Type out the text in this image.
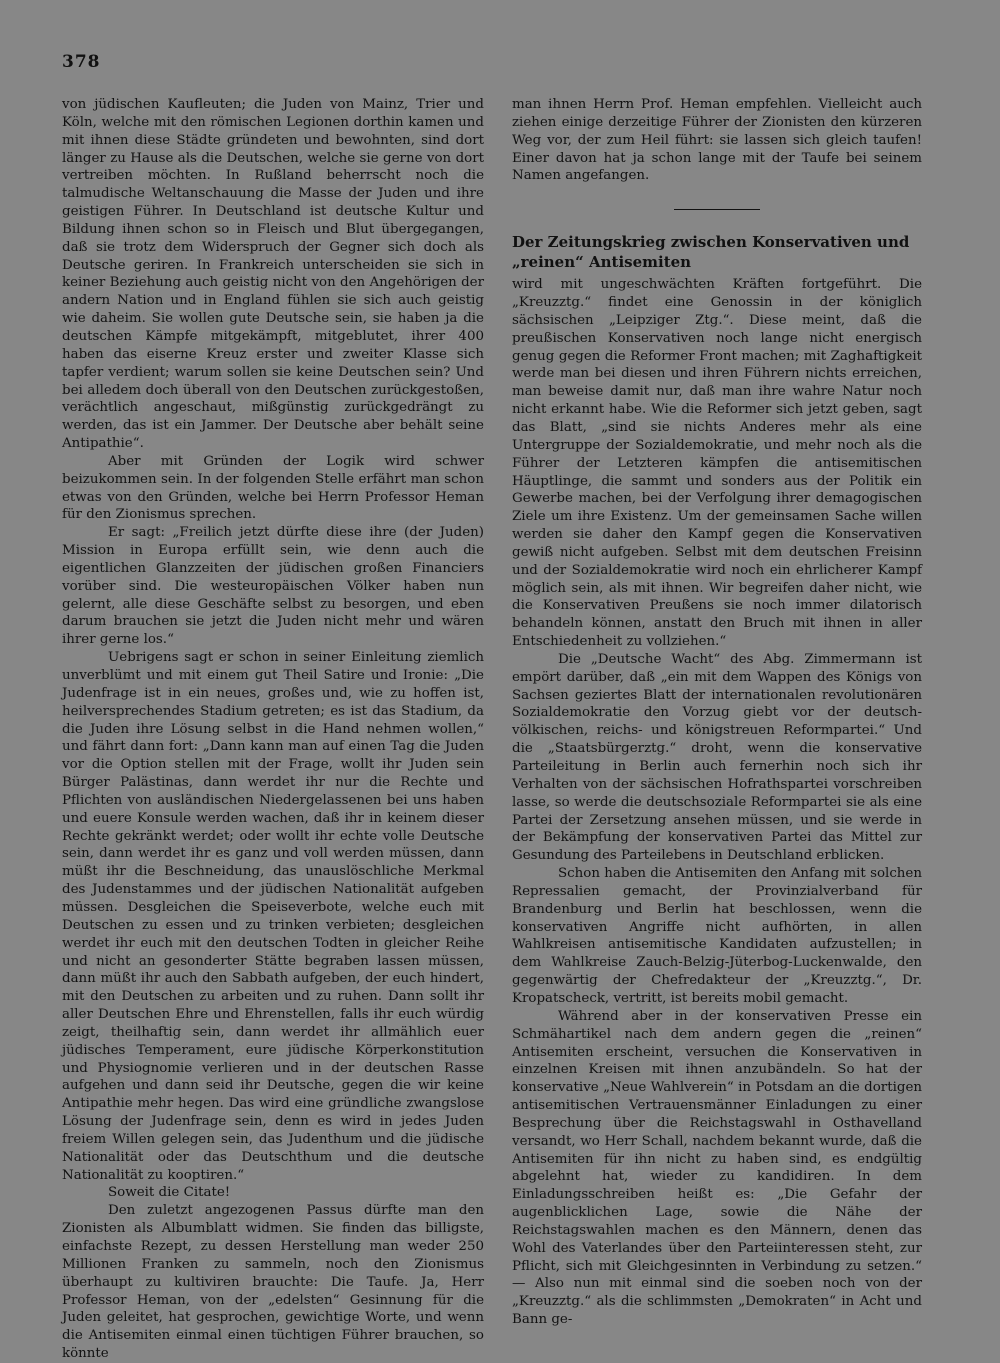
378

von jüdischen Kaufleuten; die Juden von Mainz, Trier und Köln, welche mit den römischen Legionen dorthin kamen und mit ihnen diese Städte gründeten und bewohnten, sind dort länger zu Hause als die Deutschen, welche sie gerne von dort vertreiben möchten. In Rußland beherrscht noch die talmudische Weltanschauung die Masse der Juden und ihre geistigen Führer. In Deutschland ist deutsche Kultur und Bildung ihnen schon so in Fleisch und Blut übergegangen, daß sie trotz dem Widerspruch der Gegner sich doch als Deutsche geriren. In Frankreich unterscheiden sie sich in keiner Beziehung auch geistig nicht von den Angehörigen der andern Nation und in England fühlen sie sich auch geistig wie daheim. Sie wollen gute Deutsche sein, sie haben ja die deutschen Kämpfe mitgekämpft, mitgeblutet, ihrer 400 haben das eiserne Kreuz erster und zweiter Klasse sich tapfer verdient; warum sollen sie keine Deutschen sein? Und bei alledem doch überall von den Deutschen zurückgestoßen, verächtlich angeschaut, mißgünstig zurückgedrängt zu werden, das ist ein Jammer. Der Deutsche aber behält seine Antipathie“.

Aber mit Gründen der Logik wird schwer beizukommen sein. In der folgenden Stelle erfährt man schon etwas von den Gründen, welche bei Herrn Professor Heman für den Zionismus sprechen.

Er sagt: „Freilich jetzt dürfte diese ihre (der Juden) Mission in Europa erfüllt sein, wie denn auch die eigentlichen Glanzzeiten der jüdischen großen Financiers vorüber sind. Die westeuropäischen Völker haben nun gelernt, alle diese Geschäfte selbst zu besorgen, und eben darum brauchen sie jetzt die Juden nicht mehr und wären ihrer gerne los.“

Uebrigens sagt er schon in seiner Einleitung ziemlich unverblümt und mit einem gut Theil Satire und Ironie: „Die Judenfrage ist in ein neues, großes und, wie zu hoffen ist, heilversprechendes Stadium getreten; es ist das Stadium, da die Juden ihre Lösung selbst in die Hand nehmen wollen,“ und fährt dann fort: „Dann kann man auf einen Tag die Juden vor die Option stellen mit der Frage, wollt ihr Juden sein Bürger Palästinas, dann werdet ihr nur die Rechte und Pflichten von ausländischen Niedergelassenen bei uns haben und euere Konsule werden wachen, daß ihr in keinem dieser Rechte gekränkt werdet; oder wollt ihr echte volle Deutsche sein, dann werdet ihr es ganz und voll werden müssen, dann müßt ihr die Beschneidung, das unauslöschliche Merkmal des Judenstammes und der jüdischen Nationalität aufgeben müssen. Desgleichen die Speiseverbote, welche euch mit Deutschen zu essen und zu trinken verbieten; desgleichen werdet ihr euch mit den deutschen Todten in gleicher Reihe und nicht an gesonderter Stätte begraben lassen müssen, dann müßt ihr auch den Sabbath aufgeben, der euch hindert, mit den Deutschen zu arbeiten und zu ruhen. Dann sollt ihr aller Deutschen Ehre und Ehrenstellen, falls ihr euch würdig zeigt, theilhaftig sein, dann werdet ihr allmählich euer jüdisches Temperament, eure jüdische Körperkonstitution und Physiognomie verlieren und in der deutschen Rasse aufgehen und dann seid ihr Deutsche, gegen die wir keine Antipathie mehr hegen. Das wird eine gründliche zwangslose Lösung der Judenfrage sein, denn es wird in jedes Juden freiem Willen gelegen sein, das Judenthum und die jüdische Nationalität oder das Deutschthum und die deutsche Nationalität zu kooptiren.“

Soweit die Citate!

Den zuletzt angezogenen Passus dürfte man den Zionisten als Albumblatt widmen. Sie finden das billigste, einfachste Rezept, zu dessen Herstellung man weder 250 Millionen Franken zu sammeln, noch den Zionismus überhaupt zu kultiviren brauchte: Die Taufe. Ja, Herr Professor Heman, von der „edelsten“ Gesinnung für die Juden geleitet, hat gesprochen, gewichtige Worte, und wenn die Antisemiten einmal einen tüchtigen Führer brauchen, so könnte

man ihnen Herrn Prof. Heman empfehlen. Vielleicht auch ziehen einige derzeitige Führer der Zionisten den kürzeren Weg vor, der zum Heil führt: sie lassen sich gleich taufen! Einer davon hat ja schon lange mit der Taufe bei seinem Namen angefangen.

Der Zeitungskrieg zwischen Konservativen und
„reinen“ Antisemiten

wird mit ungeschwächten Kräften fortgeführt. Die „Kreuzztg.“ findet eine Genossin in der königlich sächsischen „Leipziger Ztg.“. Diese meint, daß die preußischen Konservativen noch lange nicht energisch genug gegen die Reformer Front machen; mit Zaghaftigkeit werde man bei diesen und ihren Führern nichts erreichen, man beweise damit nur, daß man ihre wahre Natur noch nicht erkannt habe. Wie die Reformer sich jetzt geben, sagt das Blatt, „sind sie nichts Anderes mehr als eine Untergruppe der Sozialdemokratie, und mehr noch als die Führer der Letzteren kämpfen die antisemitischen Häuptlinge, die sammt und sonders aus der Politik ein Gewerbe machen, bei der Verfolgung ihrer demagogischen Ziele um ihre Existenz. Um der gemeinsamen Sache willen werden sie daher den Kampf gegen die Konservativen gewiß nicht aufgeben. Selbst mit dem deutschen Freisinn und der Sozialdemokratie wird noch ein ehrlicherer Kampf möglich sein, als mit ihnen. Wir begreifen daher nicht, wie die Konservativen Preußens sie noch immer dilatorisch behandeln können, anstatt den Bruch mit ihnen in aller Entschiedenheit zu vollziehen.“

Die „Deutsche Wacht“ des Abg. Zimmermann ist empört darüber, daß „ein mit dem Wappen des Königs von Sachsen geziertes Blatt der internationalen revolutionären Sozialdemokratie den Vorzug giebt vor der deutsch-völkischen, reichs- und königstreuen Reformpartei.“ Und die „Staatsbürgerztg.“ droht, wenn die konservative Parteileitung in Berlin auch fernerhin noch sich ihr Verhalten von der sächsischen Hofrathspartei vorschreiben lasse, so werde die deutschsoziale Reformpartei sie als eine Partei der Zersetzung ansehen müssen, und sie werde in der Bekämpfung der konservativen Partei das Mittel zur Gesundung des Parteilebens in Deutschland erblicken.

Schon haben die Antisemiten den Anfang mit solchen Repressalien gemacht, der Provinzialverband für Brandenburg und Berlin hat beschlossen, wenn die konservativen Angriffe nicht aufhörten, in allen Wahlkreisen antisemitische Kandidaten aufzustellen; in dem Wahlkreise Zauch-Belzig-Jüterbog-Luckenwalde, den gegenwärtig der Chefredakteur der „Kreuzztg.“, Dr. Kropatscheck, vertritt, ist bereits mobil gemacht.

Während aber in der konservativen Presse ein Schmähartikel nach dem andern gegen die „reinen“ Antisemiten erscheint, versuchen die Konservativen in einzelnen Kreisen mit ihnen anzubändeln. So hat der konservative „Neue Wahlverein“ in Potsdam an die dortigen antisemitischen Vertrauensmänner Einladungen zu einer Besprechung über die Reichstagswahl in Osthavelland versandt, wo Herr Schall, nachdem bekannt wurde, daß die Antisemiten für ihn nicht zu haben sind, es endgültig abgelehnt hat, wieder zu kandidiren. In dem Einladungsschreiben heißt es: „Die Gefahr der augenblicklichen Lage, sowie die Nähe der Reichstagswahlen machen es den Männern, denen das Wohl des Vaterlandes über den Parteiinteressen steht, zur Pflicht, sich mit Gleichgesinnten in Verbindung zu setzen.“ — Also nun mit einmal sind die soeben noch von der „Kreuzztg.“ als die schlimmsten „Demokraten“ in Acht und Bann ge-
